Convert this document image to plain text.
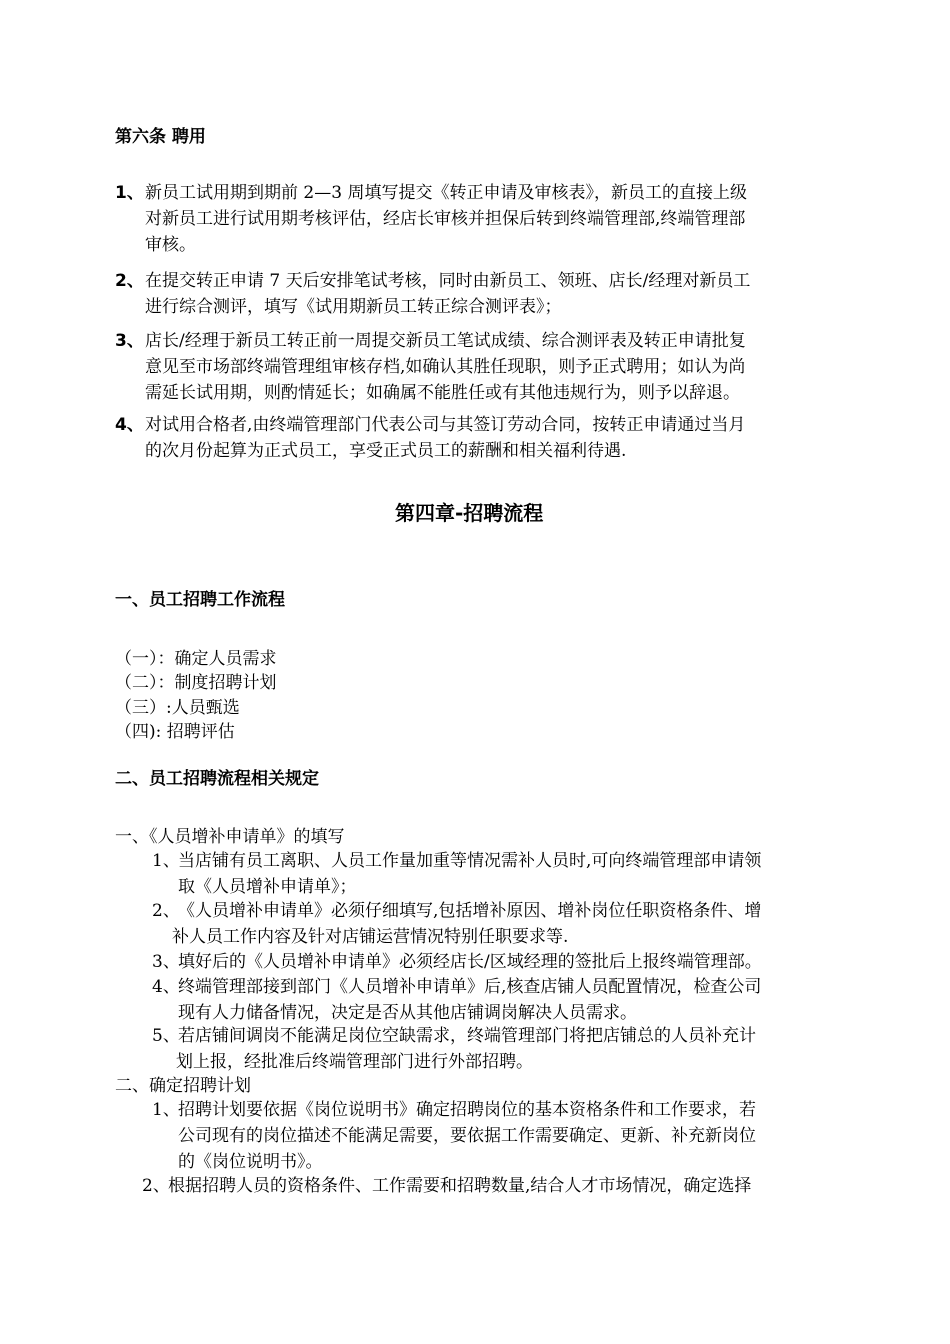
第六条 聘用
1、 新员工试用期到期前 2—3 周填写提交《转正申请及审核表》，新员工的直接上级
对新员工进行试用期考核评估，经店长审核并担保后转到终端管理部,终端管理部
审核。
2、 在提交转正申请 7 天后安排笔试考核，同时由新员工、领班、店长/经理对新员工
进行综合测评，填写《试用期新员工转正综合测评表》；
3、 店长/经理于新员工转正前一周提交新员工笔试成绩、综合测评表及转正申请批复
意见至市场部终端管理组审核存档,如确认其胜任现职，则予正式聘用；如认为尚
需延长试用期，则酌情延长；如确属不能胜任或有其他违规行为，则予以辞退。
4、 对试用合格者,由终端管理部门代表公司与其签订劳动合同，按转正申请通过当月
的次月份起算为正式员工，享受正式员工的薪酬和相关福利待遇.
第四章-招聘流程
一、员工招聘工作流程
（一）：确定人员需求
（二）：制度招聘计划
（三）:人员甄选
（四): 招聘评估
二、员工招聘流程相关规定
一、《人员增补申请单》的填写
1、
当店铺有员工离职、人员工作量加重等情况需补人员时,可向终端管理部申请领
取《人员增补申请单》；
2、
《人员增补申请单》必须仔细填写,包括增补原因、增补岗位任职资格条件、增
补人员工作内容及针对店铺运营情况特别任职要求等.
3、
填好后的《人员增补申请单》必须经店长/区域经理的签批后上报终端管理部。
4、
终端管理部接到部门《人员增补申请单》后,核查店铺人员配置情况，检查公司
现有人力储备情况，决定是否从其他店铺调岗解决人员需求。
5、
若店铺间调岗不能满足岗位空缺需求，终端管理部门将把店铺总的人员补充计
划上报，经批准后终端管理部门进行外部招聘。
二、确定招聘计划
1、
招聘计划要依据《岗位说明书》确定招聘岗位的基本资格条件和工作要求，若
公司现有的岗位描述不能满足需要，要依据工作需要确定、更新、补充新岗位
的《岗位说明书》。
2、
根据招聘人员的资格条件、工作需要和招聘数量,结合人才市场情况，确定选择
